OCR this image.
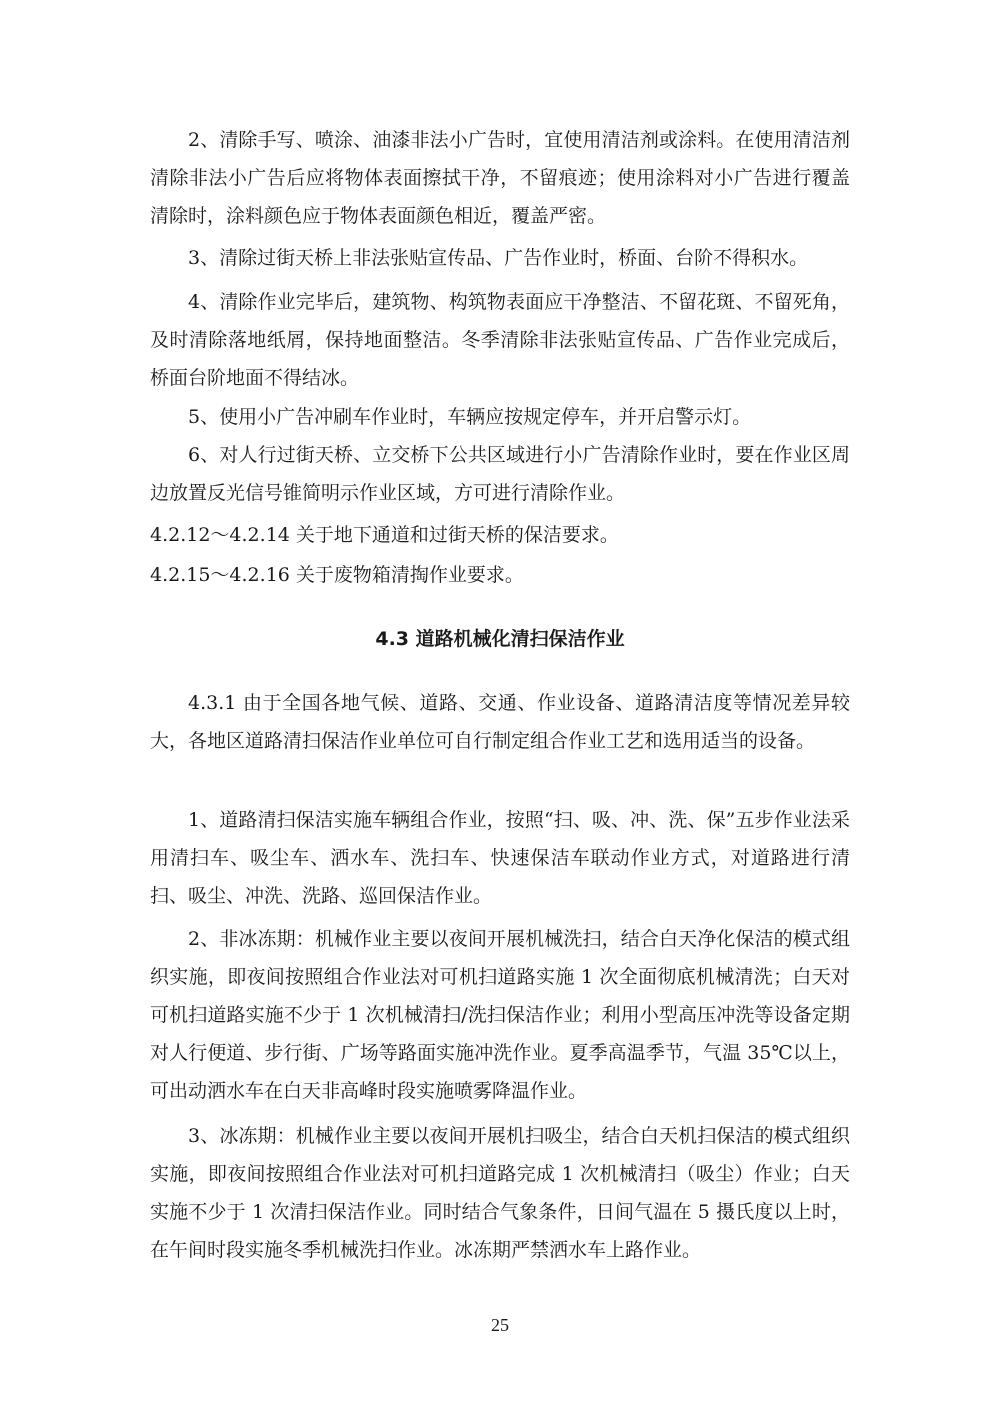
2、清除手写、喷涂、油漆非法小广告时，宜使用清洁剂或涂料。在使用清洁剂清除非法小广告后应将物体表面擦拭干净，不留痕迹；使用涂料对小广告进行覆盖清除时，涂料颜色应于物体表面颜色相近，覆盖严密。

3、清除过街天桥上非法张贴宣传品、广告作业时，桥面、台阶不得积水。

4、清除作业完毕后，建筑物、构筑物表面应干净整洁、不留花斑、不留死角，及时清除落地纸屑，保持地面整洁。冬季清除非法张贴宣传品、广告作业完成后，桥面台阶地面不得结冰。

5、使用小广告冲刷车作业时，车辆应按规定停车，并开启警示灯。

6、对人行过街天桥、立交桥下公共区域进行小广告清除作业时，要在作业区周边放置反光信号锥简明示作业区域，方可进行清除作业。

4.2.12～4.2.14 关于地下通道和过街天桥的保洁要求。

4.2.15～4.2.16 关于废物箱清掏作业要求。

4.3 道路机械化清扫保洁作业

4.3.1 由于全国各地气候、道路、交通、作业设备、道路清洁度等情况差异较大，各地区道路清扫保洁作业单位可自行制定组合作业工艺和选用适当的设备。

1、道路清扫保洁实施车辆组合作业，按照“扫、吸、冲、洗、保”五步作业法采用清扫车、吸尘车、洒水车、洗扫车、快速保洁车联动作业方式，对道路进行清扫、吸尘、冲洗、洗路、巡回保洁作业。

2、非冰冻期：机械作业主要以夜间开展机械洗扫，结合白天净化保洁的模式组织实施，即夜间按照组合作业法对可机扫道路实施 1 次全面彻底机械清洗；白天对可机扫道路实施不少于 1 次机械清扫/洗扫保洁作业；利用小型高压冲洗等设备定期对人行便道、步行街、广场等路面实施冲洗作业。夏季高温季节，气温 35℃以上，可出动洒水车在白天非高峰时段实施喷雾降温作业。

3、冰冻期：机械作业主要以夜间开展机扫吸尘，结合白天机扫保洁的模式组织实施，即夜间按照组合作业法对可机扫道路完成 1 次机械清扫（吸尘）作业；白天实施不少于 1 次清扫保洁作业。同时结合气象条件，日间气温在 5 摄氏度以上时，在午间时段实施冬季机械洗扫作业。冰冻期严禁洒水车上路作业。

25
